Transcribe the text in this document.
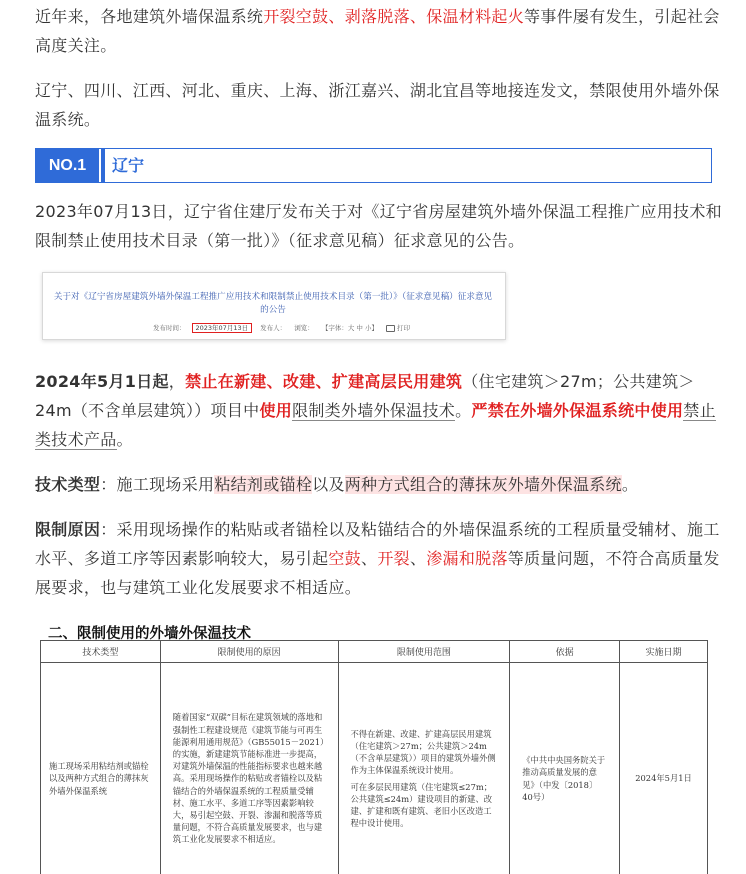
近年来，各地建筑外墙保温系统开裂空鼓、剥落脱落、保温材料起火等事件屡有发生，引起社会高度关注。

辽宁、四川、江西、河北、重庆、上海、浙江嘉兴、湖北宜昌等地接连发文，禁限使用外墙外保温系统。

NO.1	辽宁

2023年07月13日，辽宁省住建厅发布关于对《辽宁省房屋建筑外墙外保温工程推广应用技术和限制禁止使用技术目录（第一批）》（征求意见稿）征求意见的公告。

关于对《辽宁省房屋建筑外墙外保温工程推广应用技术和限制禁止使用技术目录（第一批）》（征求意见稿）征求意见的公告
发布时间： 2023年07月13日 发布人： 浏览： 【字体：大 中 小】	打印

2024年5月1日起，禁止在新建、改建、扩建高层民用建筑（住宅建筑＞27m；公共建筑＞24m（不含单层建筑））项目中使用限制类外墙外保温技术。严禁在外墙外保温系统中使用禁止类技术产品。

技术类型：施工现场采用粘结剂或锚栓以及两种方式组合的薄抹灰外墙外保温系统。

限制原因：采用现场操作的粘贴或者锚栓以及粘锚结合的外墙保温系统的工程质量受辅材、施工水平、多道工序等因素影响较大，易引起空鼓、开裂、渗漏和脱落等质量问题，不符合高质量发展要求，也与建筑工业化发展要求不相适应。

二、限制使用的外墙外保温技术
技术类型	限制使用的原因	限制使用范围	依据	实施日期
施工现场采用粘结剂或锚栓以及两种方式组合的薄抹灰外墙外保温系统	随着国家“双碳”目标在建筑领域的落地和强制性工程建设规范《建筑节能与可再生能源利用通用规范》（GB55015－2021）的实施，新建建筑节能标准进一步提高，对建筑外墙保温的性能指标要求也越来越高。采用现场操作的粘贴或者锚栓以及粘锚结合的外墙保温系统的工程质量受辅材、施工水平、多道工序等因素影响较大，易引起空鼓、开裂、渗漏和脱落等质量问题，不符合高质量发展要求，也与建筑工业化发展要求不相适应。	不得在新建、改建、扩建高层民用建筑（住宅建筑＞27m；公共建筑＞24m（不含单层建筑））项目的建筑外墙外侧作为主体保温系统设计使用。
可在多层民用建筑（住宅建筑≤27m；公共建筑≤24m）建设项目的新建、改建、扩建和既有建筑、老旧小区改造工程中设计使用。	《中共中央国务院关于推动高质量发展的意见》（中发〔2018〕40号）	2024年5月1日
